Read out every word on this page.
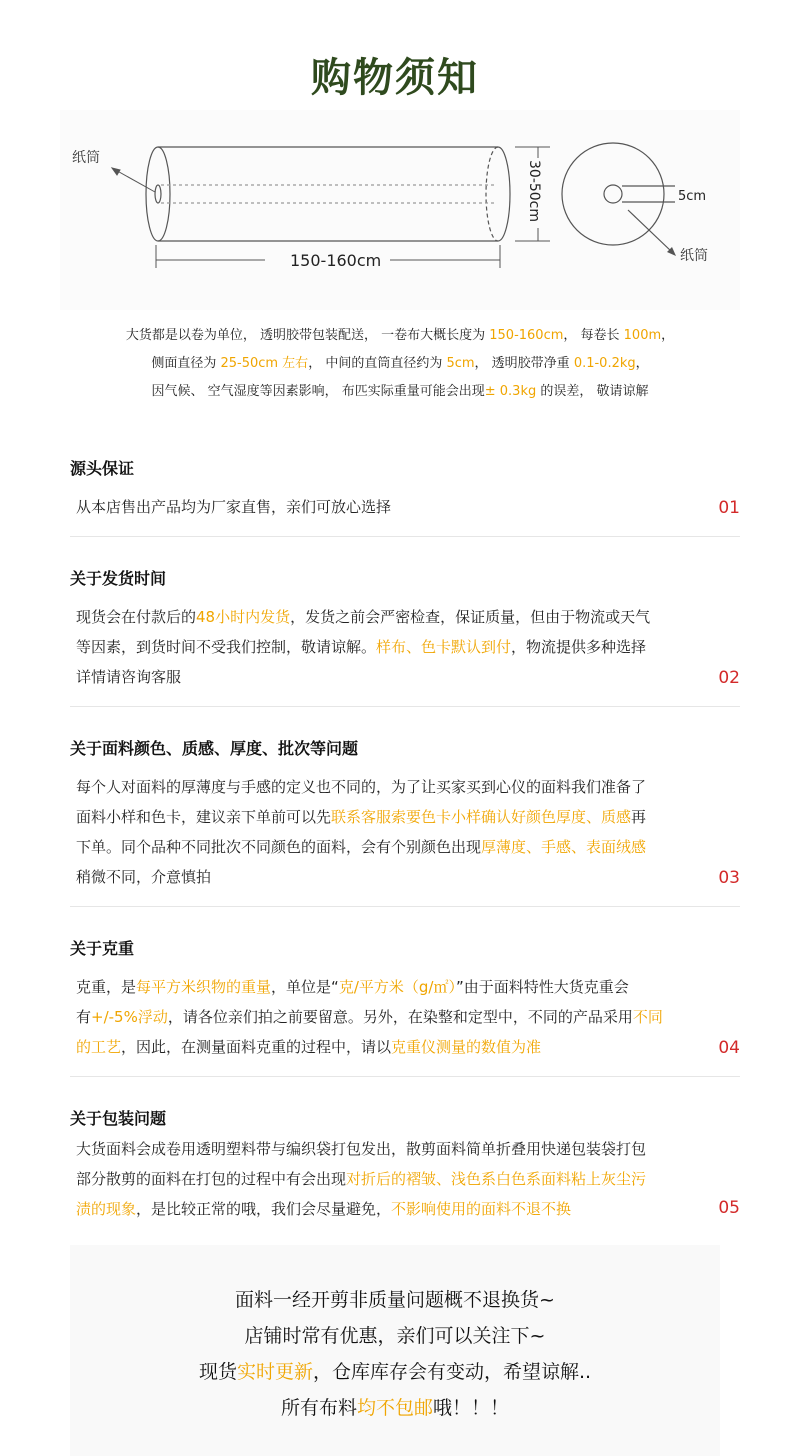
购物须知
纸筒
150-160cm
30-50cm	5cm
纸筒
大货都是以卷为单位， 透明胶带包装配送， 一卷布大概长度为 150-160cm， 每卷长 100m，
侧面直径为 25-50cm 左右， 中间的直筒直径约为 5cm， 透明胶带净重 0.1-0.2kg，
因气候、 空气湿度等因素影响， 布匹实际重量可能会出现± 0.3kg 的误差， 敬请谅解
源头保证
从本店售出产品均为厂家直售，亲们可放心选择	01
关于发货时间
现货会在付款后的48小时内发货，发货之前会严密检查，保证质量，但由于物流或天气
等因素，到货时间不受我们控制，敬请谅解。样布、色卡默认到付，物流提供多种选择
详情请咨询客服	02
关于面料颜色、质感、厚度、批次等问题
每个人对面料的厚薄度与手感的定义也不同的，为了让买家买到心仪的面料我们准备了
面料小样和色卡，建议亲下单前可以先联系客服索要色卡小样确认好颜色厚度、质感再
下单。同个品种不同批次不同颜色的面料，会有个别颜色出现厚薄度、手感、表面绒感
稍微不同，介意慎拍	03
关于克重
克重，是每平方米织物的重量，单位是“克/平方米（g/㎡）”由于面料特性大货克重会
有+/-5%浮动，请各位亲们拍之前要留意。另外，在染整和定型中，不同的产品采用不同
的工艺，因此，在测量面料克重的过程中，请以克重仪测量的数值为准	04
关于包装问题
大货面料会成卷用透明塑料带与编织袋打包发出，散剪面料简单折叠用快递包装袋打包
部分散剪的面料在打包的过程中有会出现对折后的褶皱、浅色系白色系面料粘上灰尘污
渍的现象，是比较正常的哦，我们会尽量避免，不影响使用的面料不退不换	05
面料一经开剪非质量问题概不退换货~
店铺时常有优惠，亲们可以关注下~
现货实时更新，仓库库存会有变动，希望谅解..
所有布料均不包邮哦！！！
